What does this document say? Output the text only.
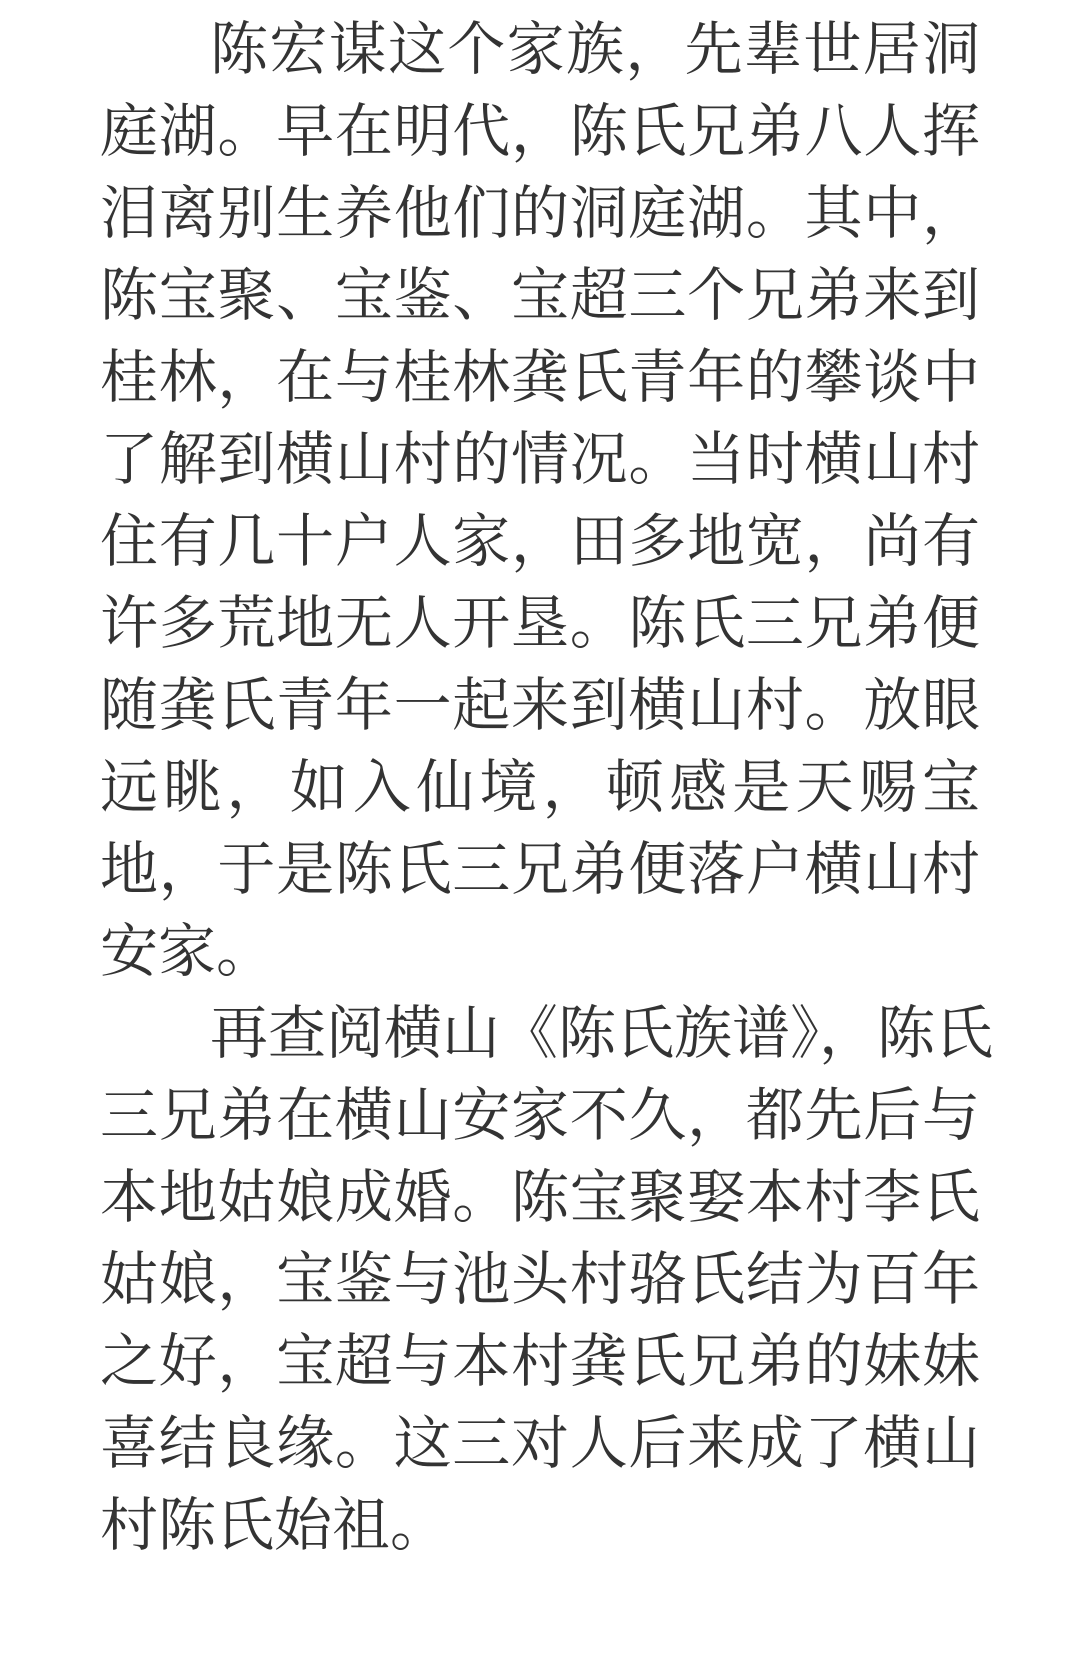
陈宏谋这个家族，先辈世居洞
庭湖。早在明代，陈氏兄弟八人挥
泪离别生养他们的洞庭湖。其中，
陈宝聚、宝鉴、宝超三个兄弟来到
桂林，在与桂林龚氏青年的攀谈中
了解到横山村的情况。当时横山村
住有几十户人家，田多地宽，尚有
许多荒地无人开垦。陈氏三兄弟便
随龚氏青年一起来到横山村。放眼
远眺，如入仙境，顿感是天赐宝
地，于是陈氏三兄弟便落户横山村
安家。
再查阅横山《陈氏族谱》，陈氏
三兄弟在横山安家不久，都先后与
本地姑娘成婚。陈宝聚娶本村李氏
姑娘，宝鉴与池头村骆氏结为百年
之好，宝超与本村龚氏兄弟的妹妹
喜结良缘。这三对人后来成了横山
村陈氏始祖。
